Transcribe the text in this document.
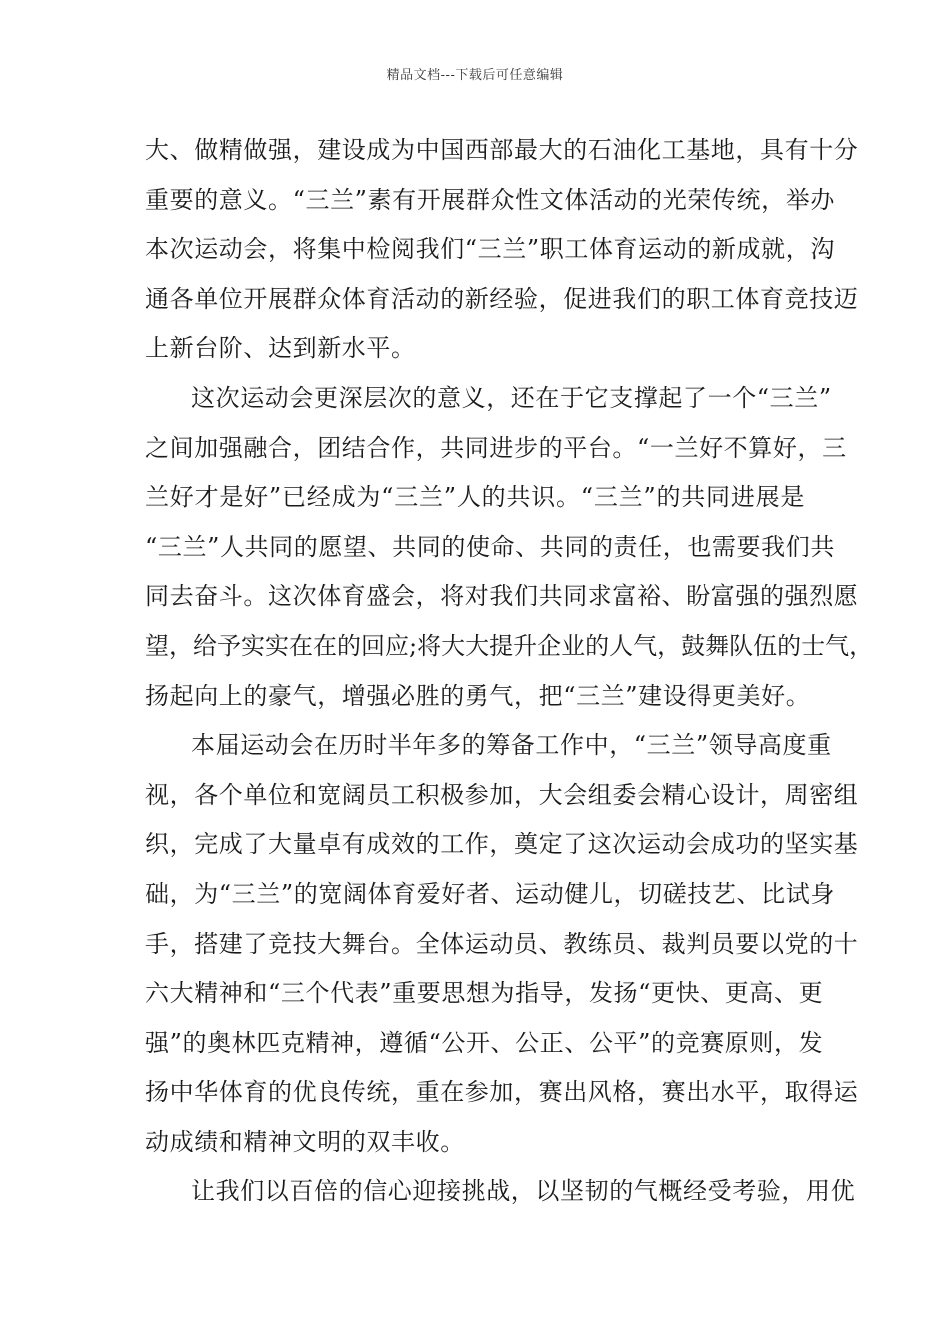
精品文档---下载后可任意编辑
大、做精做强，建设成为中国西部最大的石油化工基地，具有十分
重要的意义。“三兰”素有开展群众性文体活动的光荣传统，举办
本次运动会，将集中检阅我们“三兰”职工体育运动的新成就，沟
通各单位开展群众体育活动的新经验，促进我们的职工体育竞技迈
上新台阶、达到新水平。
这次运动会更深层次的意义，还在于它支撑起了一个“三兰”
之间加强融合，团结合作，共同进步的平台。“一兰好不算好，三
兰好才是好”已经成为“三兰”人的共识。“三兰”的共同进展是
“三兰”人共同的愿望、共同的使命、共同的责任，也需要我们共
同去奋斗。这次体育盛会，将对我们共同求富裕、盼富强的强烈愿
望，给予实实在在的回应;将大大提升企业的人气，鼓舞队伍的士气，
扬起向上的豪气，增强必胜的勇气，把“三兰”建设得更美好。
本届运动会在历时半年多的筹备工作中，“三兰”领导高度重
视，各个单位和宽阔员工积极参加，大会组委会精心设计，周密组
织，完成了大量卓有成效的工作，奠定了这次运动会成功的坚实基
础，为“三兰”的宽阔体育爱好者、运动健儿，切磋技艺、比试身
手，搭建了竞技大舞台。全体运动员、教练员、裁判员要以党的十
六大精神和“三个代表”重要思想为指导，发扬“更快、更高、更
强”的奥林匹克精神，遵循“公开、公正、公平”的竞赛原则，发
扬中华体育的优良传统，重在参加，赛出风格，赛出水平，取得运
动成绩和精神文明的双丰收。
让我们以百倍的信心迎接挑战，以坚韧的气概经受考验，用优
